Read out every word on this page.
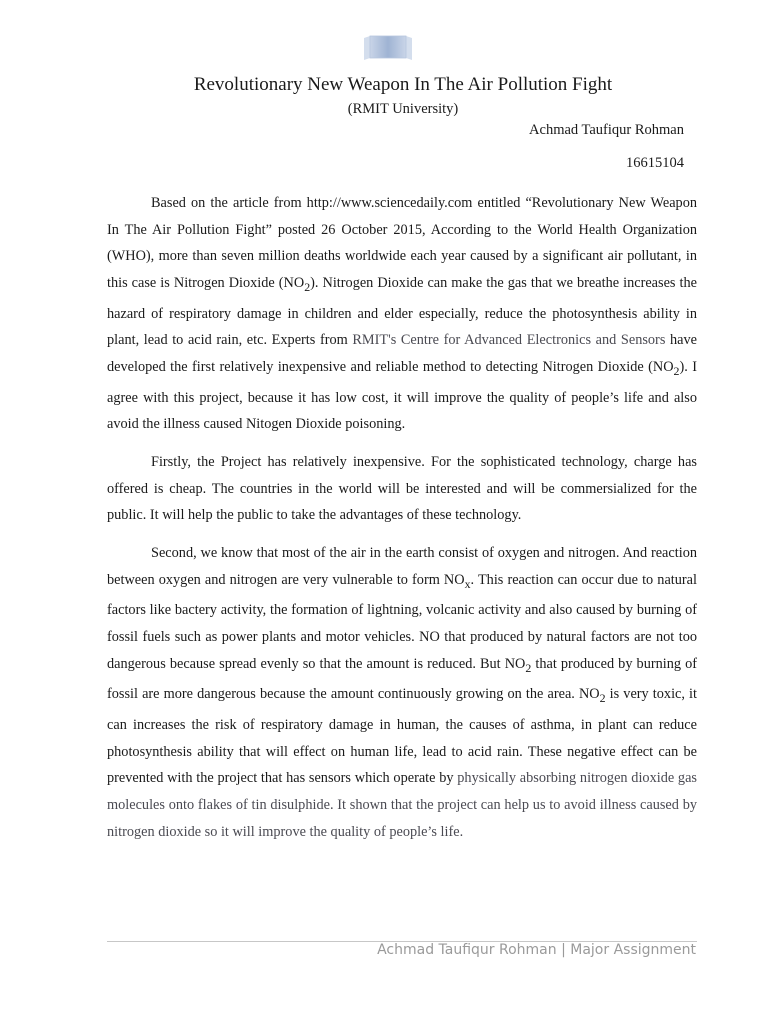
Revolutionary New Weapon In The Air Pollution Fight
(RMIT University)
Achmad Taufiqur Rohman
16615104

Based on the article from http://www.sciencedaily.com entitled “Revolutionary New Weapon In The Air Pollution Fight” posted 26 October 2015, According to the World Health Organization (WHO), more than seven million deaths worldwide each year caused by a significant air pollutant, in this case is Nitrogen Dioxide $(NO_2)$. Nitrogen Dioxide can make the gas that we breathe increases the hazard of respiratory damage in children and elder especially, reduce the photosynthesis ability in plant, lead to acid rain, etc. Experts from RMIT's Centre for Advanced Electronics and Sensors have developed the first relatively inexpensive and reliable method to detecting Nitrogen Dioxide $(NO_2)$. I agree with this project, because it has low cost, it will improve the quality of people’s life and also avoid the illness caused Nitogen Dioxide poisoning.

Firstly, the Project has relatively inexpensive. For the sophisticated technology, charge has offered is cheap. The countries in the world will be interested and will be commersialized for the public. It will help the public to take the advantages of these technology.

Second, we know that most of the air in the earth consist of oxygen and nitrogen. And reaction between oxygen and nitrogen are very vulnerable to form $NO_x$. This reaction can occur due to natural factors like bactery activity, the formation of lightning, volcanic activity and also caused by burning of fossil fuels such as power plants and motor vehicles. NO that produced by natural factors are not too dangerous because spread evenly so that the amount is reduced. But $NO_2$ that produced by burning of fossil are more dangerous because the amount continuously growing on the area. $NO_2$ is very toxic, it can increases the risk of respiratory damage in human, the causes of asthma, in plant can reduce photosynthesis ability that will effect on human life, lead to acid rain. These negative effect can be prevented with the project that has sensors which operate by physically absorbing nitrogen dioxide gas molecules onto flakes of tin disulphide. It shown that the project can help us to avoid illness caused by nitrogen dioxide so it will improve the quality of people’s life.

Achmad Taufiqur Rohman | Major Assignment
